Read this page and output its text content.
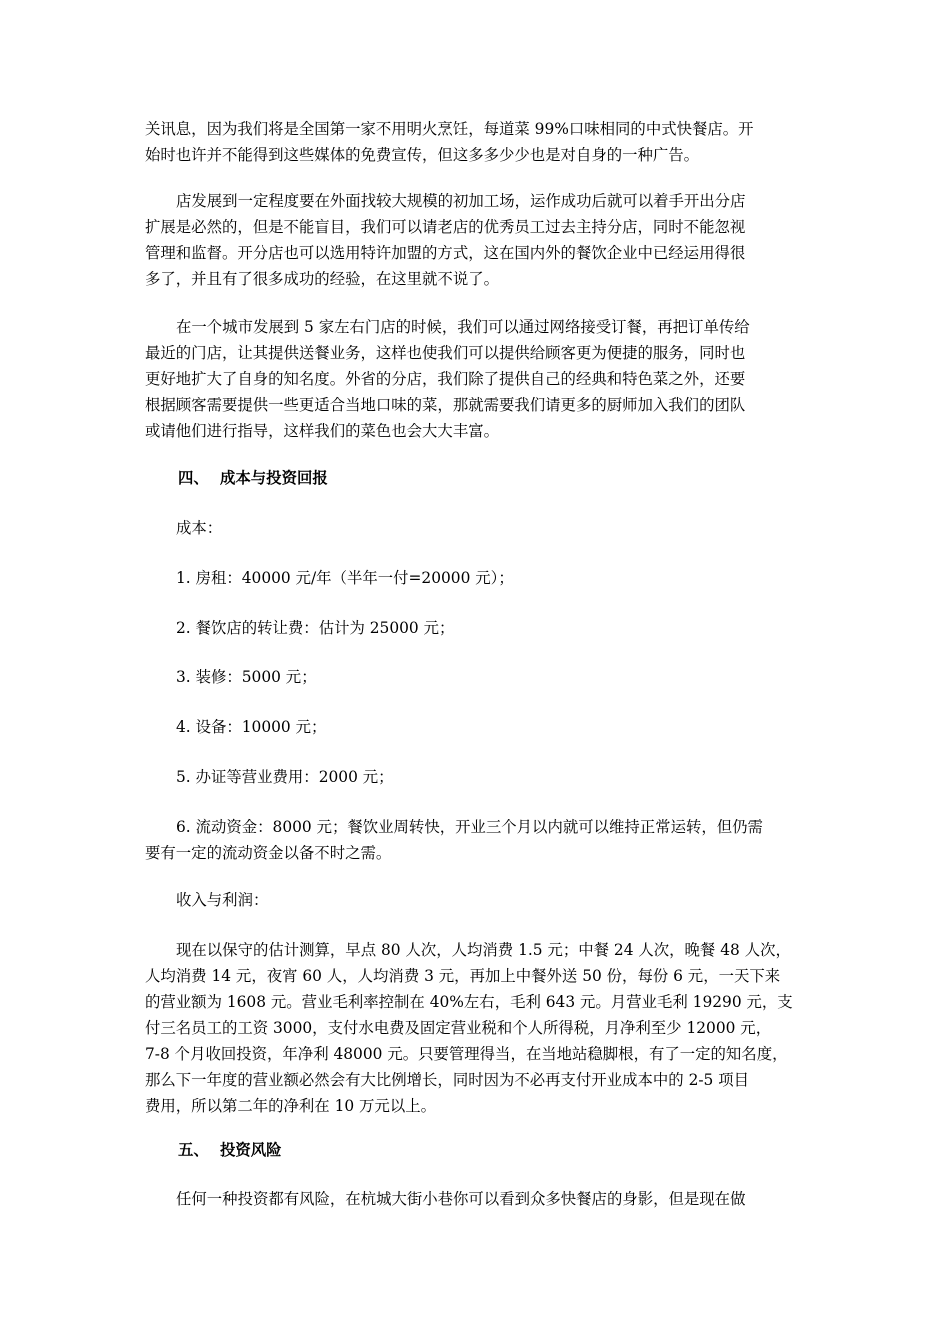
关讯息，因为我们将是全国第一家不用明火烹饪，每道菜 99%口味相同的中式快餐店。开
始时也许并不能得到这些媒体的免费宣传，但这多多少少也是对自身的一种广告。
店发展到一定程度要在外面找较大规模的初加工场，运作成功后就可以着手开出分店
扩展是必然的，但是不能盲目，我们可以请老店的优秀员工过去主持分店，同时不能忽视
管理和监督。开分店也可以选用特许加盟的方式，这在国内外的餐饮企业中已经运用得很
多了，并且有了很多成功的经验，在这里就不说了。
在一个城市发展到 5 家左右门店的时候，我们可以通过网络接受订餐，再把订单传给
最近的门店，让其提供送餐业务，这样也使我们可以提供给顾客更为便捷的服务，同时也
更好地扩大了自身的知名度。外省的分店，我们除了提供自己的经典和特色菜之外，还要
根据顾客需要提供一些更适合当地口味的菜，那就需要我们请更多的厨师加入我们的团队
或请他们进行指导，这样我们的菜色也会大大丰富。
四、 成本与投资回报
成本：
1. 房租：40000 元/年（半年一付=20000 元）；
2. 餐饮店的转让费：估计为 25000 元；
3. 装修：5000 元；
4. 设备：10000 元；
5. 办证等营业费用：2000 元；
6. 流动资金：8000 元；餐饮业周转快，开业三个月以内就可以维持正常运转，但仍需
要有一定的流动资金以备不时之需。
收入与利润：
现在以保守的估计测算，早点 80 人次，人均消费 1.5 元；中餐 24 人次，晚餐 48 人次，
人均消费 14 元，夜宵 60 人，人均消费 3 元，再加上中餐外送 50 份，每份 6 元，一天下来
的营业额为 1608 元。营业毛利率控制在 40%左右，毛利 643 元。月营业毛利 19290 元，支
付三名员工的工资 3000，支付水电费及固定营业税和个人所得税，月净利至少 12000 元，
7-8 个月收回投资，年净利 48000 元。只要管理得当，在当地站稳脚根，有了一定的知名度，
那么下一年度的营业额必然会有大比例增长，同时因为不必再支付开业成本中的 2-5 项目
费用，所以第二年的净利在 10 万元以上。
五、 投资风险
任何一种投资都有风险，在杭城大街小巷你可以看到众多快餐店的身影，但是现在做
